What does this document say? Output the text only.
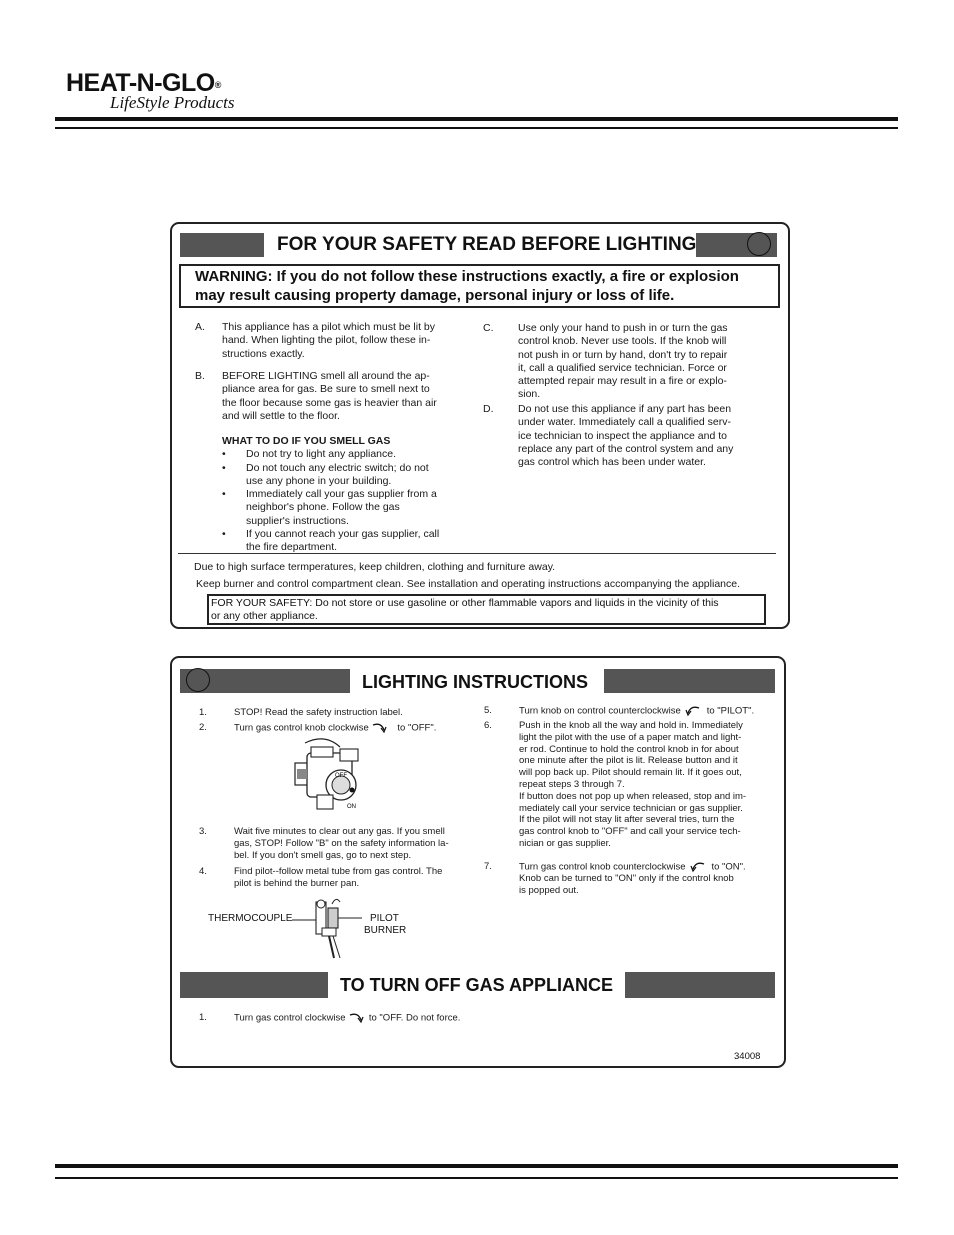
HEAT-N-GLO®
LifeStyle Products
FOR YOUR SAFETY READ BEFORE LIGHTING
WARNING: If you do not follow these instructions exactly, a fire or explosion
may result causing property damage, personal injury or loss of life.
A. This appliance has a pilot which must be lit by
hand. When lighting the pilot, follow these in-
structions exactly.
B. BEFORE LIGHTING smell all around the ap-
pliance area for gas. Be sure to smell next to
the floor because some gas is heavier than air
and will settle to the floor.
WHAT TO DO IF YOU SMELL GAS
• Do not try to light any appliance.
• Do not touch any electric switch; do not
use any phone in your building.
• Immediately call your gas supplier from a
neighbor's phone. Follow the gas
supplier's instructions.
• If you cannot reach your gas supplier, call
the fire department.
C. Use only your hand to push in or turn the gas
control knob. Never use tools. If the knob will
not push in or turn by hand, don't try to repair
it, call a qualified service technician. Force or
attempted repair may result in a fire or explo-
sion.
D. Do not use this appliance if any part has been
under water. Immediately call a qualified serv-
ice technician to inspect the appliance and to
replace any part of the control system and any
gas control which has been under water.
Due to high surface termperatures, keep children, clothing and furniture away.
Keep burner and control compartment clean. See installation and operating instructions accompanying the appliance.
FOR YOUR SAFETY: Do not store or use gasoline or other flammable vapors and liquids in the vicinity of this
or any other appliance.
LIGHTING INSTRUCTIONS
1.	STOP! Read the safety instruction label.
2.	Turn gas control knob clockwise	to "OFF".
OFF
ON
3.	Wait five minutes to clear out any gas. If you smell
gas, STOP! Follow "B" on the safety information la-
bel. If you don't smell gas, go to next step.
4.	Find pilot--follow metal tube from gas control. The
pilot is behind the burner pan.
THERMOCOUPLE	PILOT
BURNER
5.	Turn knob on control counterclockwise	to "PILOT".
6.	Push in the knob all the way and hold in. Immediately
light the pilot with the use of a paper match and light-
er rod. Continue to hold the control knob in for about
one minute after the pilot is lit. Release button and it
will pop back up. Pilot should remain lit. If it goes out,
repeat steps 3 through 7.
If button does not pop up when released, stop and im-
mediately call your service technician or gas supplier.
If the pilot will not stay lit after several tries, turn the
gas control knob to "OFF" and call your service tech-
nician or gas supplier.
7.	Turn gas control knob counterclockwise	to "ON".
Knob can be turned to "ON" only if the control knob
is popped out.
TO TURN OFF GAS APPLIANCE
1.	Turn gas control clockwise to "OFF. Do not force.
34008
